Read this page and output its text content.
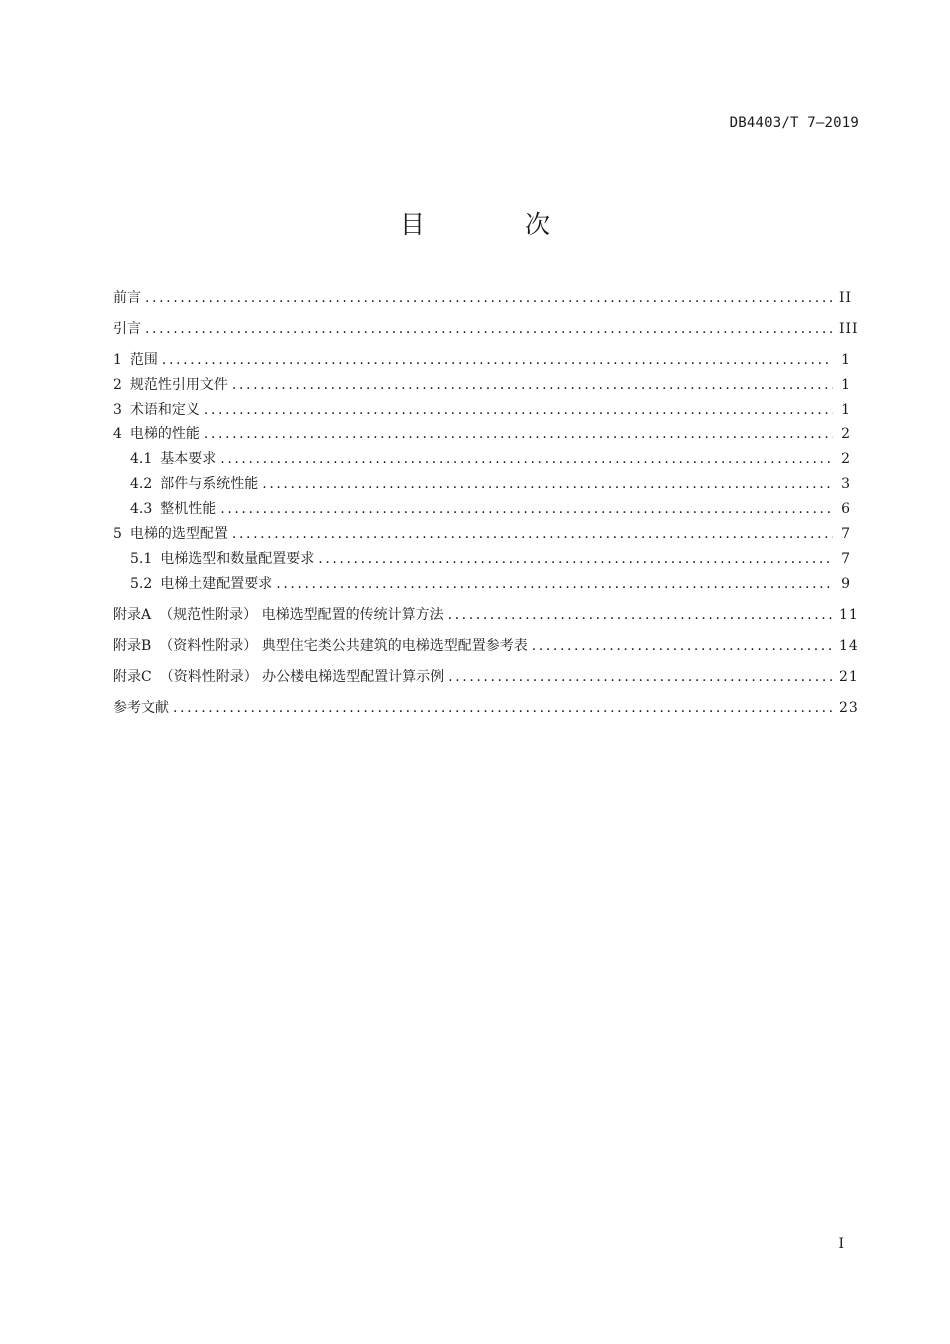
DB4403/T 7—2019
目 次
前言 .....	II
引言 .....	III
1 范围 .....	1
2 规范性引用文件 .....	1
3 术语和定义 .....	1
4 电梯的性能 .....	2
4.1 基本要求 .....	2
4.2 部件与系统性能 .....	3
4.3 整机性能 .....	6
5 电梯的选型配置 .....	7
5.1 电梯选型和数量配置要求 .....	7
5.2 电梯土建配置要求 .....	9
附录A （规范性附录） 电梯选型配置的传统计算方法 .....	11
附录B （资料性附录） 典型住宅类公共建筑的电梯选型配置参考表 .....	14
附录C （资料性附录） 办公楼电梯选型配置计算示例 .....	21
参考文献 .....	23
I
